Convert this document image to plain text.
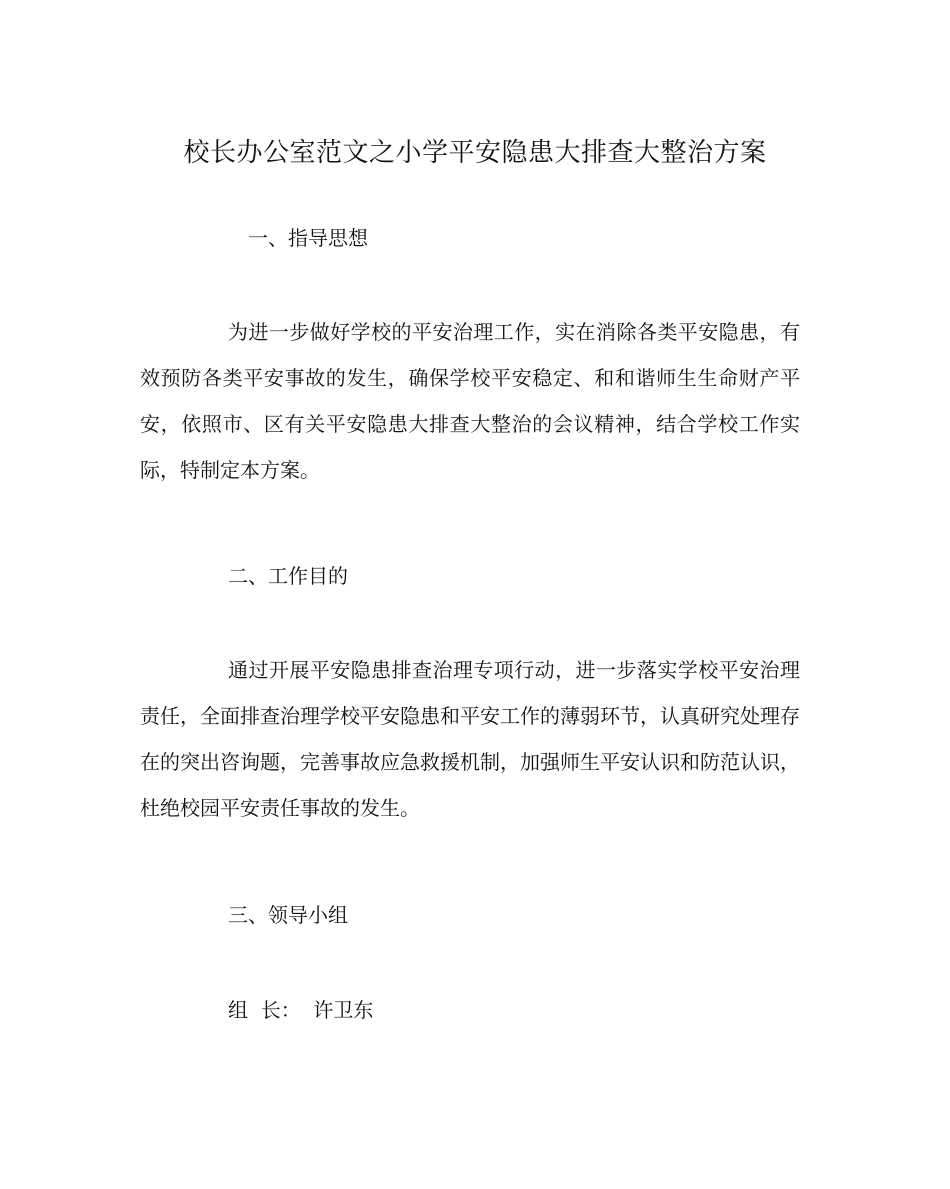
校长办公室范文之小学平安隐患大排查大整治方案
一、指导思想

为进一步做好学校的平安治理工作，实在消除各类平安隐患，有效预防各类平安事故的发生，确保学校平安稳定、和和谐师生生命财产平安，依照市、区有关平安隐患大排查大整治的会议精神，结合学校工作实际，特制定本方案。

二、工作目的

通过开展平安隐患排查治理专项行动，进一步落实学校平安治理责任，全面排查治理学校平安隐患和平安工作的薄弱环节，认真研究处理存在的突出咨询题，完善事故应急救援机制，加强师生平安认识和防范认识，杜绝校园平安责任事故的发生。

三、领导小组
组  长：  许卫东
